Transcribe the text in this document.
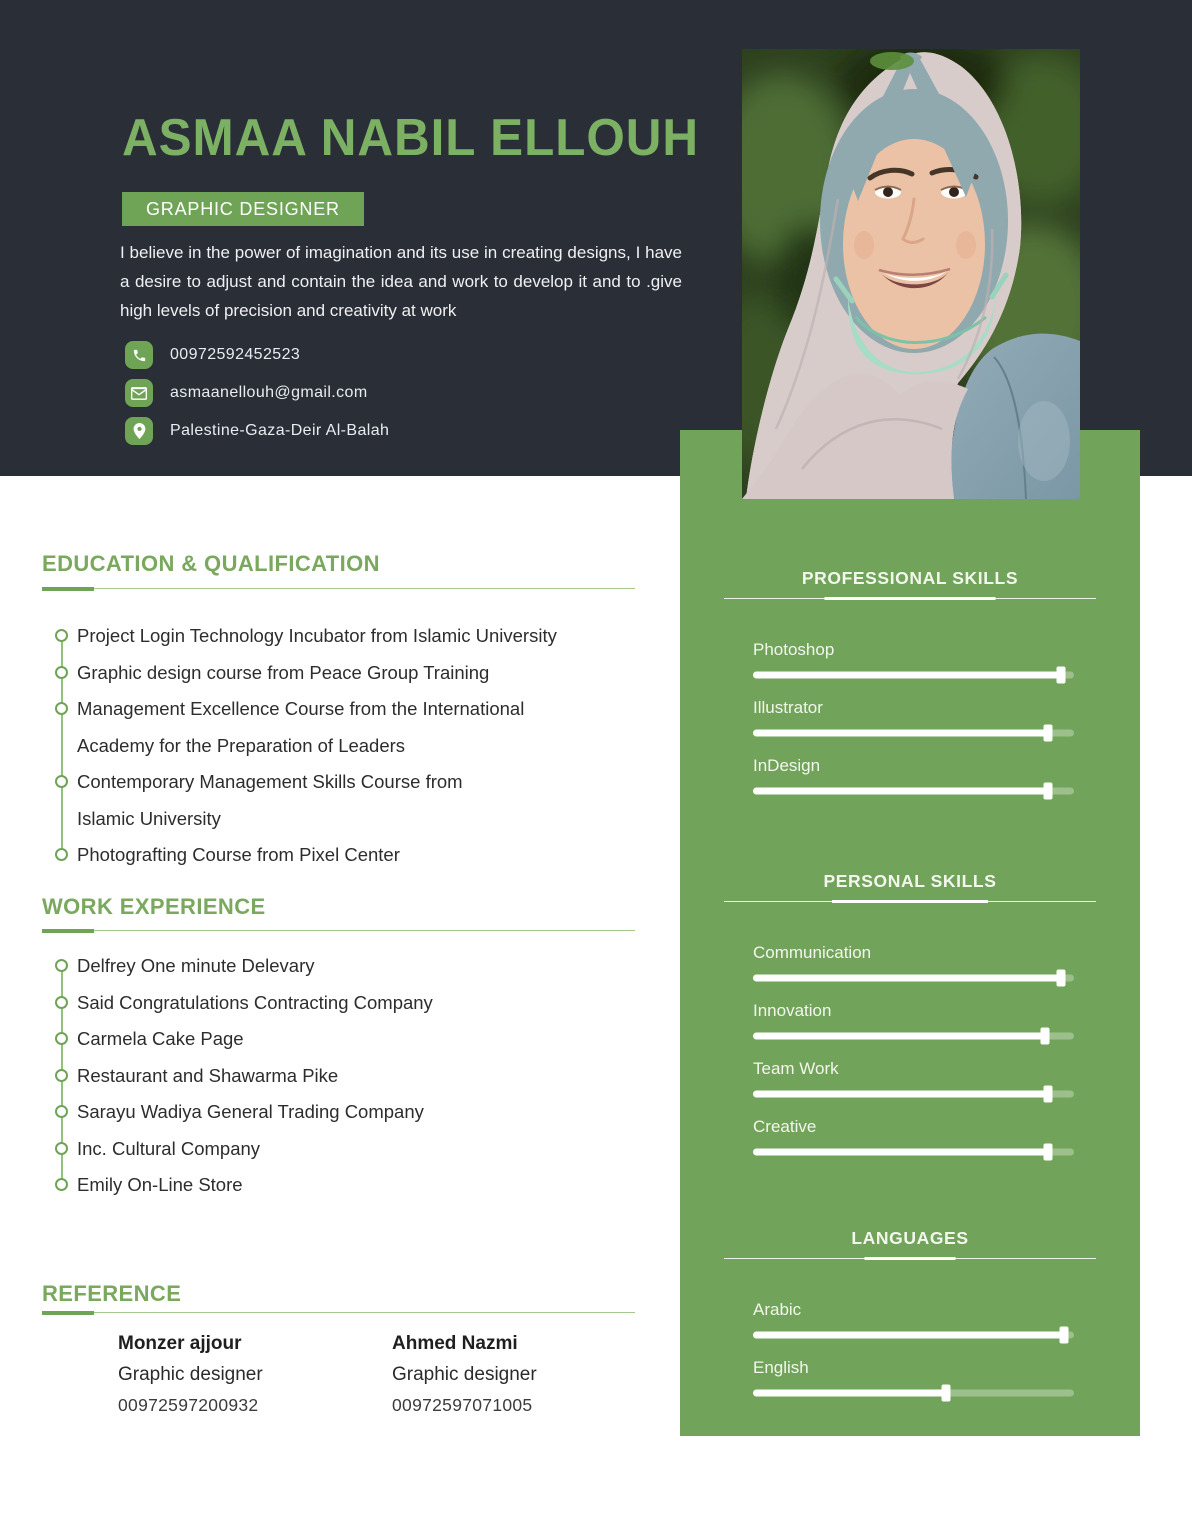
ASMAA NABIL ELLOUH
GRAPHIC DESIGNER

I believe in the power of imagination and its use in creating designs, I have a desire to adjust and contain the idea and work to develop it and to .give high levels of precision and creativity at work

00972592452523
asmaanellouh@gmail.com
Palestine-Gaza-Deir Al-Balah
PROFESSIONAL SKILLS
Photoshop
Illustrator
InDesign
PERSONAL SKILLS
Communication
Innovation
Team Work
Creative
LANGUAGES
Arabic
English
EDUCATION & QUALIFICATION
Project Login Technology Incubator from Islamic University
Graphic design course from Peace Group Training
Management Excellence Course from the International
Academy for the Preparation of Leaders
Contemporary Management Skills Course from
Islamic University
Photografting Course from Pixel Center
WORK EXPERIENCE
Delfrey One minute Delevary
Said Congratulations Contracting Company
Carmela Cake Page
Restaurant and Shawarma Pike
Sarayu Wadiya General Trading Company
Inc. Cultural Company
Emily On-Line Store
REFERENCE
Monzer ajjour
Graphic designer
00972597200932
Ahmed Nazmi
Graphic designer
00972597071005
